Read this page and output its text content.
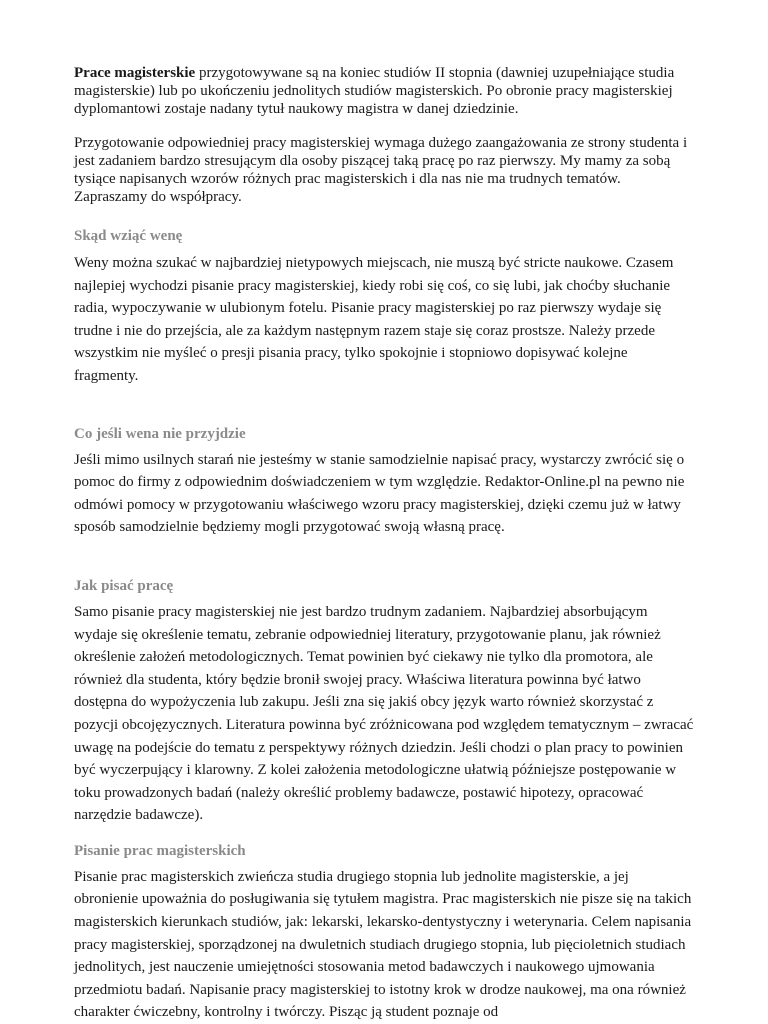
Prace magisterskie przygotowywane są na koniec studiów II stopnia (dawniej uzupełniające studia magisterskie) lub po ukończeniu jednolitych studiów magisterskich. Po obronie pracy magisterskiej dyplomantowi zostaje nadany tytuł naukowy magistra w danej dziedzinie.

Przygotowanie odpowiedniej pracy magisterskiej wymaga dużego zaangażowania ze strony studenta i jest zadaniem bardzo stresującym dla osoby piszącej taką pracę po raz pierwszy. My mamy za sobą tysiące napisanych wzorów różnych prac magisterskich i dla nas nie ma trudnych tematów. Zapraszamy do współpracy.

Skąd wziąć wenę

Weny można szukać w najbardziej nietypowych miejscach, nie muszą być stricte naukowe. Czasem najlepiej wychodzi pisanie pracy magisterskiej, kiedy robi się coś, co się lubi, jak choćby słuchanie radia, wypoczywanie w ulubionym fotelu. Pisanie pracy magisterskiej po raz pierwszy wydaje się trudne i nie do przejścia, ale za każdym następnym razem staje się coraz prostsze. Należy przede wszystkim nie myśleć o presji pisania pracy, tylko spokojnie i stopniowo dopisywać kolejne fragmenty.

Co jeśli wena nie przyjdzie

Jeśli mimo usilnych starań nie jesteśmy w stanie samodzielnie napisać pracy, wystarczy zwrócić się o pomoc do firmy z odpowiednim doświadczeniem w tym względzie. Redaktor-Online.pl na pewno nie odmówi pomocy w przygotowaniu właściwego wzoru pracy magisterskiej, dzięki czemu już w łatwy sposób samodzielnie będziemy mogli przygotować swoją własną pracę.

Jak pisać pracę

Samo pisanie pracy magisterskiej nie jest bardzo trudnym zadaniem. Najbardziej absorbującym wydaje się określenie tematu, zebranie odpowiedniej literatury, przygotowanie planu, jak również określenie założeń metodologicznych. Temat powinien być ciekawy nie tylko dla promotora, ale również dla studenta, który będzie bronił swojej pracy. Właściwa literatura powinna być łatwo dostępna do wypożyczenia lub zakupu. Jeśli zna się jakiś obcy język warto również skorzystać z pozycji obcojęzycznych. Literatura powinna być zróżnicowana pod względem tematycznym – zwracać uwagę na podejście do tematu z perspektywy różnych dziedzin. Jeśli chodzi o plan pracy to powinien być wyczerpujący i klarowny. Z kolei założenia metodologiczne ułatwią późniejsze postępowanie w toku prowadzonych badań (należy określić problemy badawcze, postawić hipotezy, opracować narzędzie badawcze).

Pisanie prac magisterskich

Pisanie prac magisterskich zwieńcza studia drugiego stopnia lub jednolite magisterskie, a jej obronienie upoważnia do posługiwania się tytułem magistra. Prac magisterskich nie pisze się na takich magisterskich kierunkach studiów, jak: lekarski, lekarsko-dentystyczny i weterynaria. Celem napisania pracy magisterskiej, sporządzonej na dwuletnich studiach drugiego stopnia, lub pięcioletnich studiach jednolitych, jest nauczenie umiejętności stosowania metod badawczych i naukowego ujmowania przedmiotu badań. Napisanie pracy magisterskiej to istotny krok w drodze naukowej, ma ona również charakter ćwiczebny, kontrolny i twórczy. Pisząc ją student poznaje od
